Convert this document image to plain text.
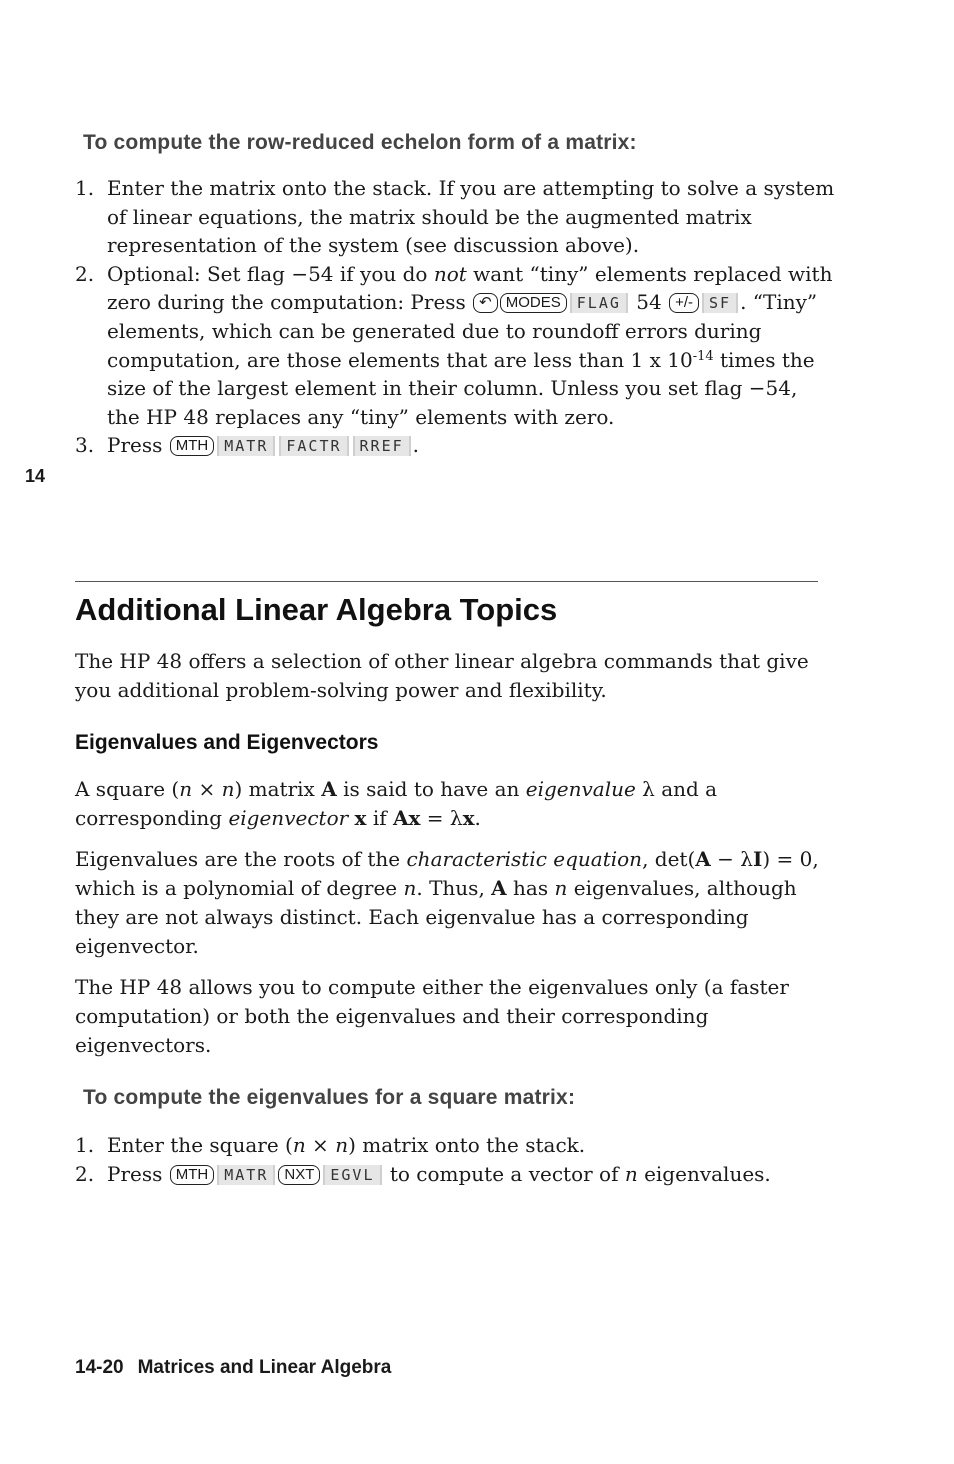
To compute the row-reduced echelon form of a matrix:
1. Enter the matrix onto the stack. If you are attempting to solve a system of linear equations, the matrix should be the augmented matrix representation of the system (see discussion above).
2. Optional: Set flag −54 if you do not want “tiny” elements replaced with zero during the computation: Press ↶ MODES FLAG 54 +/- SF . “Tiny” elements, which can be generated due to roundoff errors during computation, are those elements that are less than 1 x $10^{-14}$ times the size of the largest element in their column. Unless you set flag −54, the HP 48 replaces any “tiny” elements with zero.
3. Press MTH MATR FACTR RREF .
14
Additional Linear Algebra Topics

The HP 48 offers a selection of other linear algebra commands that give you additional problem-solving power and flexibility.

Eigenvalues and Eigenvectors

A square (n × n) matrix A is said to have an eigenvalue λ and a corresponding eigenvector x if Ax = λx.

Eigenvalues are the roots of the characteristic equation, det(A − λI) = 0, which is a polynomial of degree n. Thus, A has n eigenvalues, although they are not always distinct. Each eigenvalue has a corresponding eigenvector.

The HP 48 allows you to compute either the eigenvalues only (a faster computation) or both the eigenvalues and their corresponding eigenvectors.

To compute the eigenvalues for a square matrix:
1. Enter the square (n × n) matrix onto the stack.
2. Press MTH MATR NXT EGVL to compute a vector of n eigenvalues.
14-20 Matrices and Linear Algebra
